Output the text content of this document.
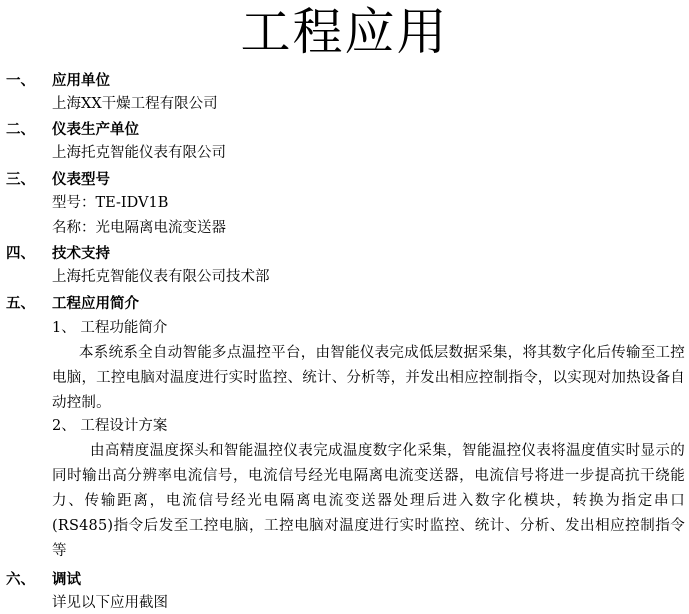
工程应用
一、 应用单位
上海XX干燥工程有限公司
二、 仪表生产单位
上海托克智能仪表有限公司
三、 仪表型号
型号：TE-IDV1B
名称：光电隔离电流变送器
四、 技术支持
上海托克智能仪表有限公司技术部
五、 工程应用简介
1、 工程功能简介
本系统系全自动智能多点温控平台，由智能仪表完成低层数据采集，将其数字化后传输至工控电脑，工控电脑对温度进行实时监控、统计、分析等，并发出相应控制指令，以实现对加热设备自动控制。
2、 工程设计方案
由高精度温度探头和智能温控仪表完成温度数字化采集，智能温控仪表将温度值实时显示的同时输出高分辨率电流信号，电流信号经光电隔离电流变送器，电流信号将进一步提高抗干绕能力、传输距离，电流信号经光电隔离电流变送器处理后进入数字化模块，转换为指定串口(RS485)指令后发至工控电脑，工控电脑对温度进行实时监控、统计、分析、发出相应控制指令等
六、 调试
详见以下应用截图
